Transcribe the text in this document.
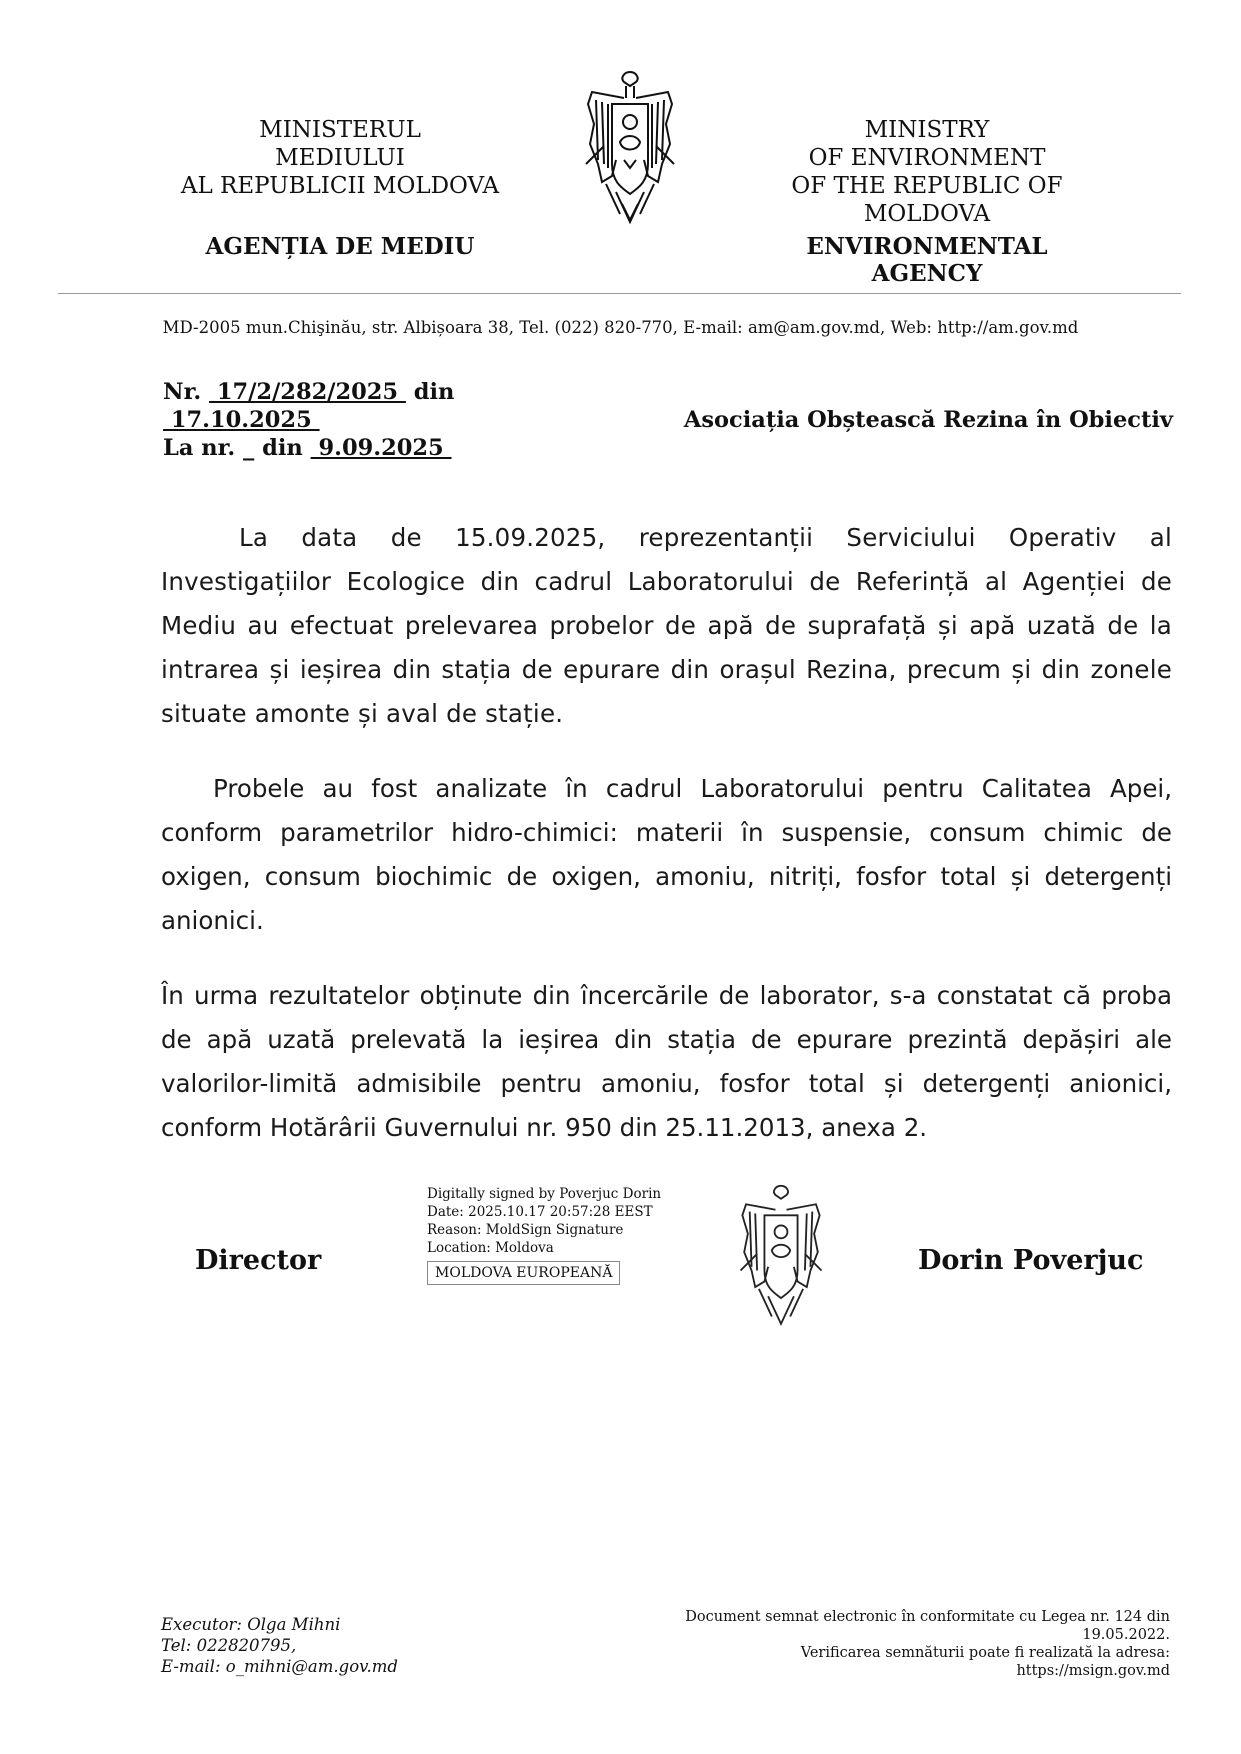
MINISTERUL
MEDIULUI
AL REPUBLICII MOLDOVA
AGENȚIA DE MEDIU
MINISTRY
OF ENVIRONMENT
OF THE REPUBLIC OF MOLDOVA
ENVIRONMENTAL AGENCY
MD-2005 mun.Chişinău, str. Albișoara 38, Tel. (022) 820-770, E-mail: am@am.gov.md, Web: http://am.gov.md
Nr.  17/2/282/2025  din
17.10.2025
La nr. _ din  9.09.2025
Asociația Obștească Rezina în Obiectiv
La data de 15.09.2025, reprezentanții Serviciului Operativ al Investigațiilor Ecologice din cadrul Laboratorului de Referință al Agenției de Mediu au efectuat prelevarea probelor de apă de suprafață și apă uzată de la intrarea și ieșirea din stația de epurare din orașul Rezina, precum și din zonele situate amonte și aval de stație.
Probele au fost analizate în cadrul Laboratorului pentru Calitatea Apei, conform parametrilor hidro-chimici: materii în suspensie, consum chimic de oxigen, consum biochimic de oxigen, amoniu, nitriți, fosfor total și detergenți anionici.
În urma rezultatelor obținute din încercările de laborator, s-a constatat că proba de apă uzată prelevată la ieșirea din stația de epurare prezintă depășiri ale valorilor-limită admisibile pentru amoniu, fosfor total și detergenți anionici, conform Hotărârii Guvernului nr. 950 din 25.11.2013, anexa 2.
Director
Digitally signed by Poverjuc Dorin
Date: 2025.10.17 20:57:28 EEST
Reason: MoldSign Signature
Location: Moldova
MOLDOVA EUROPEANĂ	Dorin Poverjuc
Executor: Olga Mihni
Tel: 022820795,
E-mail: o_mihni@am.gov.md
Document semnat electronic în conformitate cu Legea nr. 124 din
19.05.2022.
Verificarea semnăturii poate fi realizată la adresa:
https://msign.gov.md
